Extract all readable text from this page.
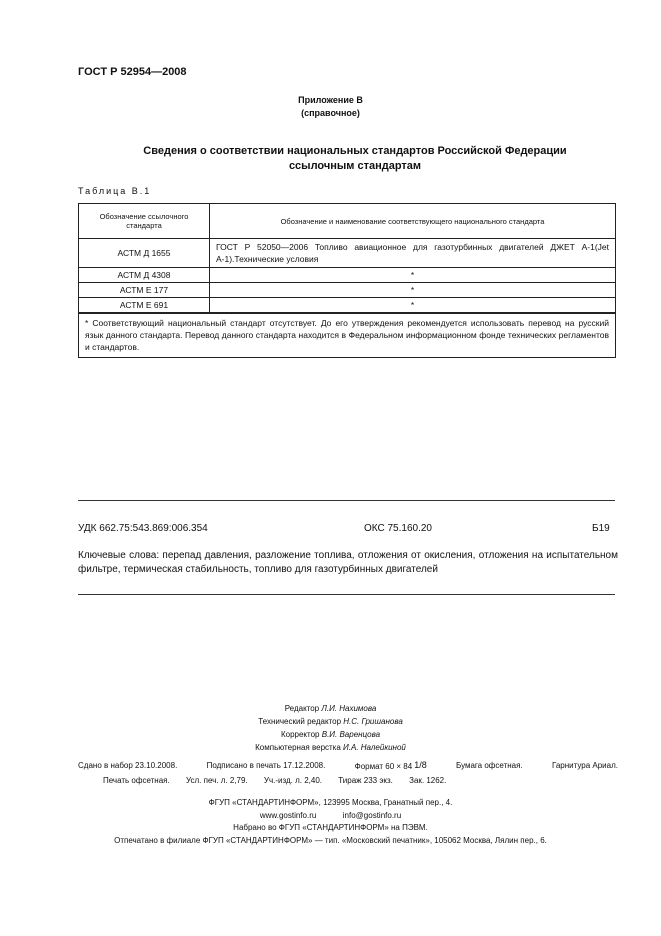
ГОСТ Р 52954—2008
Приложение В
(справочное)
Сведения о соответствии национальных стандартов Российской Федерации
ссылочным стандартам
Таблица В.1
Обозначение ссылочного стандарта	Обозначение и наименование соответствующего национального стандарта
АСТМ Д 1655	ГОСТ Р 52050—2006 Топливо авиационное для газотурбинных двигателей ДЖЕТ А-1(Jet А-1).Технические условия
АСТМ Д 4308	*
АСТМ Е 177	*
АСТМ Е 691	*
* Соответствующий национальный стандарт отсутствует. До его утверждения рекомендуется использовать перевод на русский язык данного стандарта. Перевод данного стандарта находится в Федеральном информационном фонде технических регламентов и стандартов.	
УДК 662.75:543.869:006.354	ОКС 75.160.20	Б19
Ключевые слова: перепад давления, разложение топлива, отложения от окисления, отложения на испытательном фильтре, термическая стабильность, топливо для газотурбинных двигателей
Редактор Л.И. Нахимова
Технический редактор Н.С. Гришанова
Корректор В.И. Варенцова
Компьютерная верстка И.А. Налейкиной
Сдано в набор 23.10.2008.	Подписано в печать 17.12.2008.	Формат 60 × 84 1/8	Бумага офсетная.	Гарнитура Ариал.
Печать офсетная. Усл. печ. л. 2,79. Уч.-изд. л. 2,40. Тираж 233 экз. Зак. 1262.
ФГУП «СТАНДАРТИНФОРМ», 123995 Москва, Гранатный пер., 4.
www.gostinfo.ru	info@gostinfo.ru
Набрано во ФГУП «СТАНДАРТИНФОРМ» на ПЭВМ.
Отпечатано в филиале ФГУП «СТАНДАРТИНФОРМ» — тип. «Московский печатник», 105062 Москва, Лялин пер., 6.
